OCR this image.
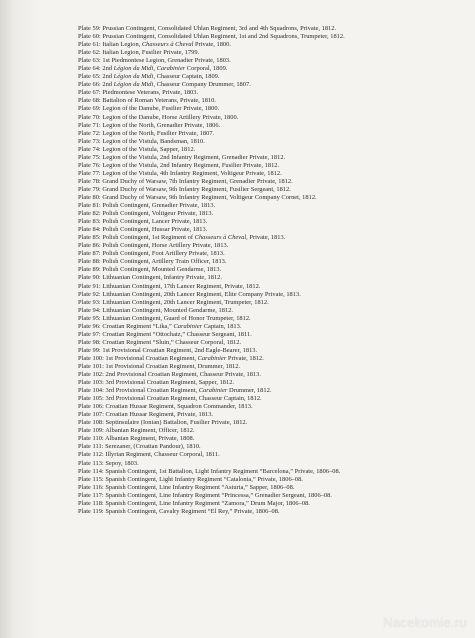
Plate 59: Prussian Contingent, Consolidated Uhlan Regiment, 3rd and 4th Squadrons, Private, 1812.
Plate 60: Prussian Contingent, Consolidated Uhlan Regiment, 1st and 2nd Squadrons, Trumpeter, 1812.
Plate 61: Italian Legion, Chasseurs à Cheval Private, 1800.
Plate 62: Italian Legion, Fusilier Private, 1799.
Plate 63: 1st Piedmontese Legion, Grenadier Private, 1803.
Plate 64: 2nd Légion du Midi, Carabinier Corporal, 1809.
Plate 65: 2nd Légion du Midi, Chasseur Captain, 1809.
Plate 66: 2nd Légion du Midi, Chasseur Company Drummer, 1807.
Plate 67: Piedmontese Veterans, Private, 1803.
Plate 68: Battalion of Roman Veterans, Private, 1810.
Plate 69: Legion of the Danube, Fusilier Private, 1800.
Plate 70: Legion of the Danube, Horse Artillery Private, 1800.
Plate 71: Legion of the North, Grenadier Private, 1806.
Plate 72: Legion of the North, Fusilier Private, 1807.
Plate 73: Legion of the Vistula, Bandsman, 1810.
Plate 74: Legion of the Vistula, Sapper, 1812.
Plate 75: Legion of the Vistula, 2nd Infantry Regiment, Grenadier Private, 1812.
Plate 76: Legion of the Vistula, 2nd Infantry Regiment, Fusilier Private, 1812.
Plate 77: Legion of the Vistula, 4th Infantry Regiment, Voltigeur Private, 1812.
Plate 78: Grand Duchy of Warsaw, 7th Infantry Regiment, Grenadier Private, 1812.
Plate 79: Grand Duchy of Warsaw, 9th Infantry Regiment, Fusilier Sergeant, 1812.
Plate 80: Grand Duchy of Warsaw, 9th Infantry Regiment, Voltigeur Company Cornet, 1812.
Plate 81: Polish Contingent, Grenadier Private, 1813.
Plate 82: Polish Contingent, Voltigeur Private, 1813.
Plate 83: Polish Contingent, Lancer Private, 1813.
Plate 84: Polish Contingent, Hussar Private, 1813.
Plate 85: Polish Contingent, 1st Regiment of Chasseurs à Cheval, Private, 1813.
Plate 86: Polish Contingent, Horse Artillery Private, 1813.
Plate 87: Polish Contingent, Foot Artillery Private, 1813.
Plate 88: Polish Contingent, Artillery Train Officer, 1813.
Plate 89: Polish Contingent, Mounted Gendarme, 1813.
Plate 90: Lithuanian Contingent, Infantry Private, 1812.
Plate 91: Lithuanian Contingent, 17th Lancer Regiment, Private, 1812.
Plate 92: Lithuanian Contingent, 20th Lancer Regiment, Elite Company Private, 1813.
Plate 93: Lithuanian Contingent, 20th Lancer Regiment, Trumpeter, 1812.
Plate 94: Lithuanian Contingent, Mounted Gendarme, 1812.
Plate 95: Lithuanian Contingent, Guard of Honor Trumpeter, 1812.
Plate 96: Croatian Regiment “Lika,” Carabinier Captain, 1813.
Plate 97: Croatian Regiment “Ottochatz,” Chasseur Sergeant, 1811.
Plate 98: Croatian Regiment “Sluin,” Chasseur Corporal, 1812.
Plate 99: 1st Provisional Croatian Regiment, 2nd Eagle-Bearer, 1813.
Plate 100: 1st Provisional Croatian Regiment, Carabinier Private, 1812.
Plate 101: 1st Provisional Croatian Regiment, Drummer, 1812.
Plate 102: 2nd Provisional Croatian Regiment, Chasseur Private, 1813.
Plate 103: 3rd Provisional Croatian Regiment, Sapper, 1812.
Plate 104: 3rd Provisional Croatian Regiment, Carabinier Drummer, 1812.
Plate 105: 3rd Provisional Croatian Regiment, Chasseur Captain, 1812.
Plate 106: Croatian Hussar Regiment, Squadron Commander, 1813.
Plate 107: Croatian Hussar Regiment, Private, 1813.
Plate 108: Septinsulaire (Ionian) Battalion, Fusilier Private, 1812.
Plate 109: Albanian Regiment, Officer, 1812.
Plate 110: Albanian Regiment, Private, 1808.
Plate 111: Serezaner, (Croatian Pandour), 1810.
Plate 112: Illyrian Regiment, Chasseur Corporal, 1811.
Plate 113: Sepoy, 1803.
Plate 114: Spanish Contingent, 1st Battalion, Light Infantry Regiment “Barcelona,” Private, 1806–08.
Plate 115: Spanish Contingent, Light Infantry Regiment “Catalonia,” Private, 1806–08.
Plate 116: Spanish Contingent, Line Infantry Regiment “Asturia,” Sapper, 1806–08.
Plate 117: Spanish Contingent, Line Infantry Regiment “Princessa,” Grenadier Sergeant, 1806–08.
Plate 118: Spanish Contingent, Line Infantry Regiment “Zamora,” Drum Major, 1806–08.
Plate 119: Spanish Contingent, Cavalry Regiment “El Rey,” Private, 1806–08.
Nacekomie.ru
